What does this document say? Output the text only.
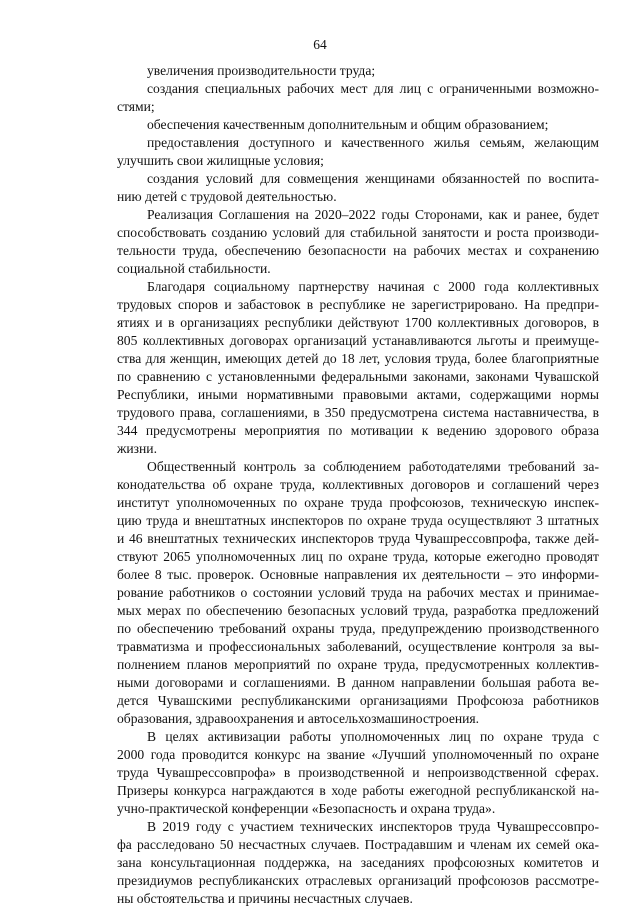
64
увеличения производительности труда;
создания специальных рабочих мест для лиц с ограниченными возможно-
стями;
обеспечения качественным дополнительным и общим образованием;
предоставления доступного и качественного жилья семьям, желающим
улучшить свои жилищные условия;
создания условий для совмещения женщинами обязанностей по воспита-
нию детей с трудовой деятельностью.
Реализация Соглашения на 2020–2022 годы Сторонами, как и ранее, будет
способствовать созданию условий для стабильной занятости и роста производи-
тельности труда, обеспечению безопасности на рабочих местах и сохранению
социальной стабильности.
Благодаря социальному партнерству начиная с 2000 года коллективных
трудовых споров и забастовок в республике не зарегистрировано. На предпри-
ятиях и в организациях республики действуют 1700 коллективных договоров, в
805 коллективных договорах организаций устанавливаются льготы и преимуще-
ства для женщин, имеющих детей до 18 лет, условия труда, более благоприятные
по сравнению с установленными федеральными законами, законами Чувашской
Республики, иными нормативными правовыми актами, содержащими нормы
трудового права, соглашениями, в 350 предусмотрена система наставничества, в
344 предусмотрены мероприятия по мотивации к ведению здорового образа
жизни.
Общественный контроль за соблюдением работодателями требований за-
конодательства об охране труда, коллективных договоров и соглашений через
институт уполномоченных по охране труда профсоюзов, техническую инспек-
цию труда и внештатных инспекторов по охране труда осуществляют 3 штатных
и 46 внештатных технических инспекторов труда Чувашрессовпрофа, также дей-
ствуют 2065 уполномоченных лиц по охране труда, которые ежегодно проводят
более 8 тыс. проверок. Основные направления их деятельности – это информи-
рование работников о состоянии условий труда на рабочих местах и принимае-
мых мерах по обеспечению безопасных условий труда, разработка предложений
по обеспечению требований охраны труда, предупреждению производственного
травматизма и профессиональных заболеваний, осуществление контроля за вы-
полнением планов мероприятий по охране труда, предусмотренных коллектив-
ными договорами и соглашениями. В данном направлении большая работа ве-
дется Чувашскими республиканскими организациями Профсоюза работников
образования, здравоохранения и автосельхозмашиностроения.
В целях активизации работы уполномоченных лиц по охране труда с
2000 года проводится конкурс на звание «Лучший уполномоченный по охране
труда Чувашрессовпрофа» в производственной и непроизводственной сферах.
Призеры конкурса награждаются в ходе работы ежегодной республиканской на-
учно-практической конференции «Безопасность и охрана труда».
В 2019 году с участием технических инспекторов труда Чувашрессовпро-
фа расследовано 50 несчастных случаев. Пострадавшим и членам их семей ока-
зана консультационная поддержка, на заседаниях профсоюзных комитетов и
президиумов республиканских отраслевых организаций профсоюзов рассмотре-
ны обстоятельства и причины несчастных случаев.
